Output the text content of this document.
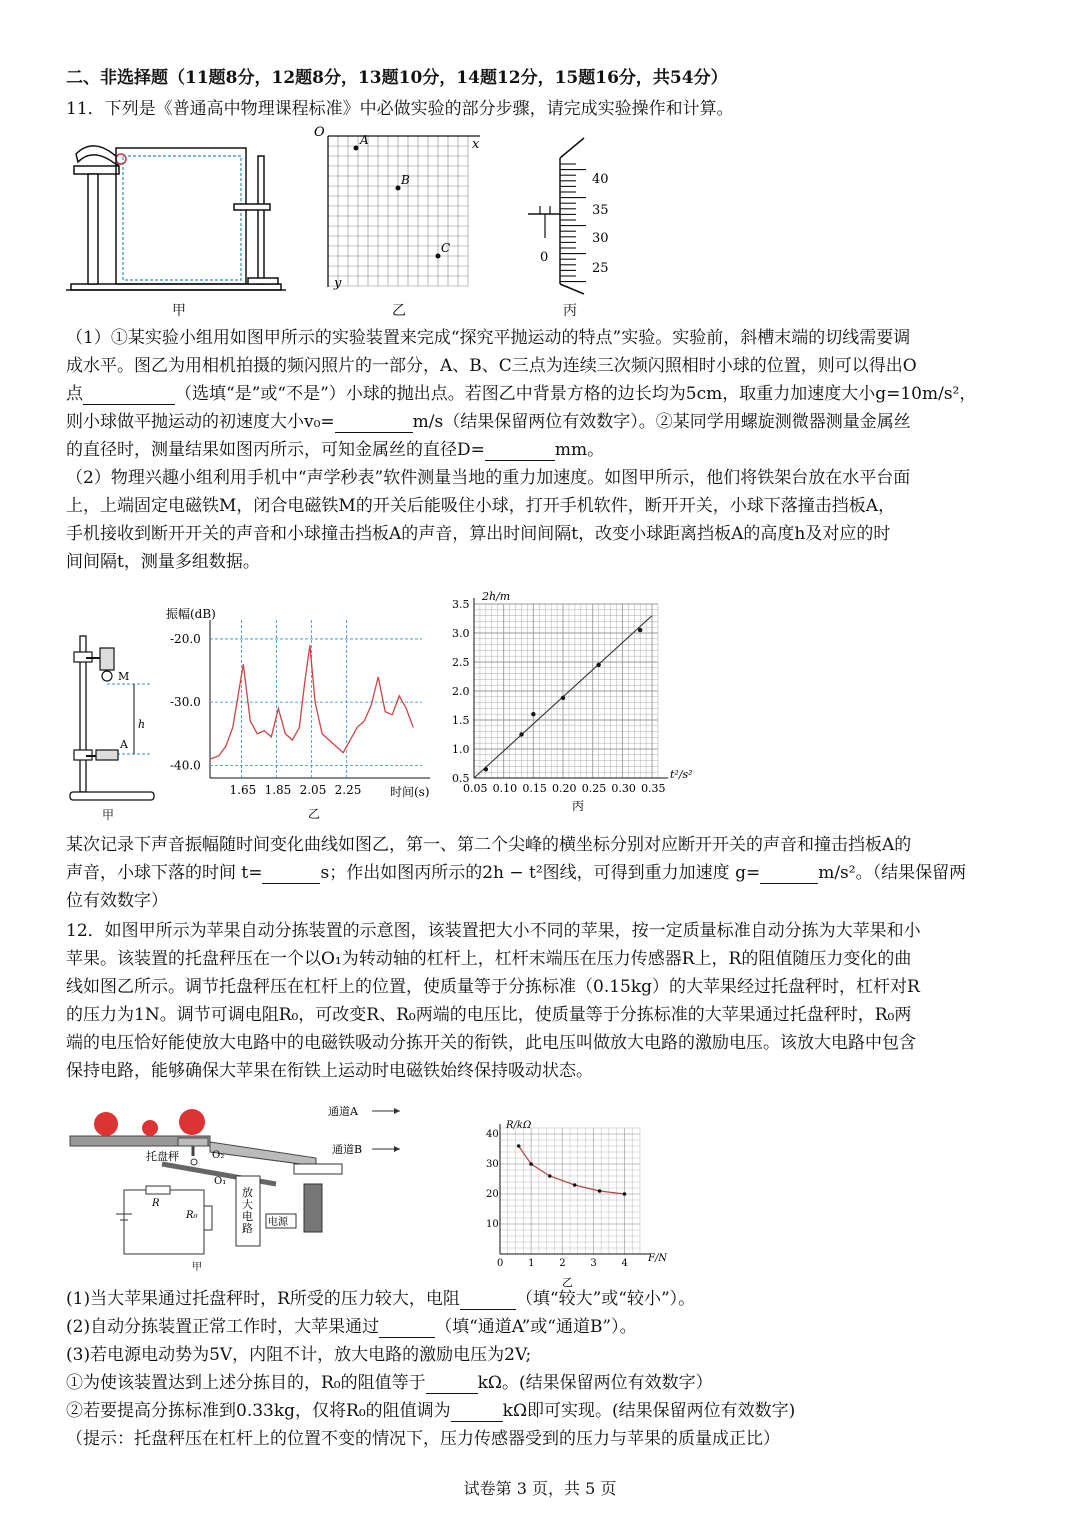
二、非选择题（11题8分，12题8分，13题10分，14题12分，15题16分，共54分）
11．下列是《普通高中物理课程标准》中必做实验的部分步骤，请完成实验操作和计算。
甲
O
x
y
A
B
C
乙
0
40
35
30
25
丙
（1）①某实验小组用如图甲所示的实验装置来完成“探究平抛运动的特点”实验。实验前，斜槽末端的切线需要调
成水平。图乙为用相机拍摄的频闪照片的一部分，A、B、C三点为连续三次频闪照相时小球的位置，则可以得出O
点	（选填“是”或“不是”）小球的抛出点。若图乙中背景方格的边长均为5cm，取重力加速度大小g=10m/s²，
则小球做平抛运动的初速度大小v₀=	m/s（结果保留两位有效数字）。②某同学用螺旋测微器测量金属丝
的直径时，测量结果如图丙所示，可知金属丝的直径D=	mm。
（2）物理兴趣小组利用手机中“声学秒表”软件测量当地的重力加速度。如图甲所示，他们将铁架台放在水平台面
上，上端固定电磁铁M，闭合电磁铁M的开关后能吸住小球，打开手机软件，断开开关，小球下落撞击挡板A，
手机接收到断开开关的声音和小球撞击挡板A的声音，算出时间间隔t，改变小球距离挡板A的高度h及对应的时
间间隔t，测量多组数据。
M
h
A
甲
振幅(dB)
时间(s)
-20.0
-30.0
-40.0
1.65 1.85 2.05 2.25
乙
2h/m
t²/s²
0.5
1.0
1.5
2.0
2.5
3.0
3.5
0.05 0.10 0.15 0.20 0.25 0.30 0.35
丙
某次记录下声音振幅随时间变化曲线如图乙，第一、第二个尖峰的横坐标分别对应断开开关的声音和撞击挡板A的
声音，小球下落的时间 t=	s；作出如图丙所示的2h − t²图线，可得到重力加速度 g=	m/s²。（结果保留两
位有效数字）
12．如图甲所示为苹果自动分拣装置的示意图，该装置把大小不同的苹果，按一定质量标准自动分拣为大苹果和小
苹果。该装置的托盘秤压在一个以O₁为转动轴的杠杆上，杠杆末端压在压力传感器R上，R的阻值随压力变化的曲
线如图乙所示。调节托盘秤压在杠杆上的位置，使质量等于分拣标准（0.15kg）的大苹果经过托盘秤时，杠杆对R
的压力为1N。调节可调电阻R₀，可改变R、R₀两端的电压比，使质量等于分拣标准的大苹果通过托盘秤时，R₀两
端的电压恰好能使放大电路中的电磁铁吸动分拣开关的衔铁，此电压叫做放大电路的激励电压。该放大电路中包含
保持电路，能够确保大苹果在衔铁上运动时电磁铁始终保持吸动状态。
托盘秤	O₂
O₁
通道A
通道B
放
大
电
路 电源
R
R₀
甲
R/kΩ
F/N
10
20
30
40
0 1 2 3 4
乙
(1)当大苹果通过托盘秤时，R所受的压力较大，电阻	（填“较大”或“较小”）。
(2)自动分拣装置正常工作时，大苹果通过	（填“通道A”或“通道B”）。
(3)若电源电动势为5V，内阻不计，放大电路的激励电压为2V;
①为使该装置达到上述分拣目的，R₀的阻值等于	kΩ。(结果保留两位有效数字）
②若要提高分拣标准到0.33kg，仅将R₀的阻值调为	kΩ即可实现。(结果保留两位有效数字)
（提示：托盘秤压在杠杆上的位置不变的情况下，压力传感器受到的压力与苹果的质量成正比）
试卷第 3 页，共 5 页
